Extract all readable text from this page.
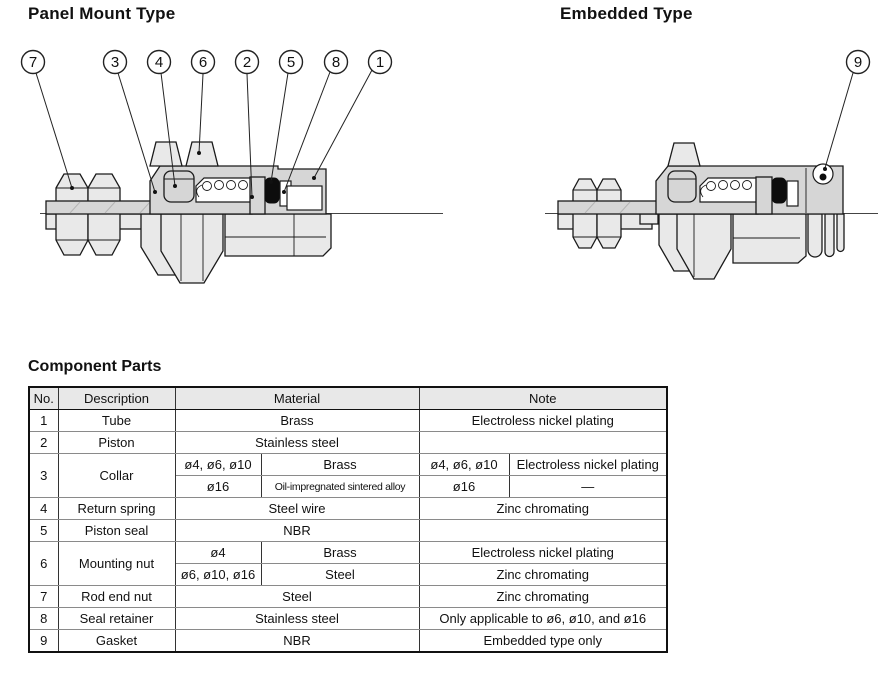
Panel Mount Type	Embedded Type
7	3 4 6 2 5 8 1	9
Component Parts
No.	Description	Material		Note	
1	Tube	Brass		Electroless nickel plating	
2	Piston	Stainless steel			
3	Collar	ø4, ø6, ø10	Brass	ø4, ø6, ø10	Electroless nickel plating
		ø16	Oil-impregnated sintered alloy	ø16	—
4	Return spring	Steel wire		Zinc chromating	
5	Piston seal	NBR			
6	Mounting nut	ø4	Brass	Electroless nickel plating	
		ø6, ø10, ø16	Steel	Zinc chromating	
7	Rod end nut	Steel		Zinc chromating	
8	Seal retainer	Stainless steel		Only applicable to ø6, ø10, and ø16	
9	Gasket	NBR		Embedded type only	
